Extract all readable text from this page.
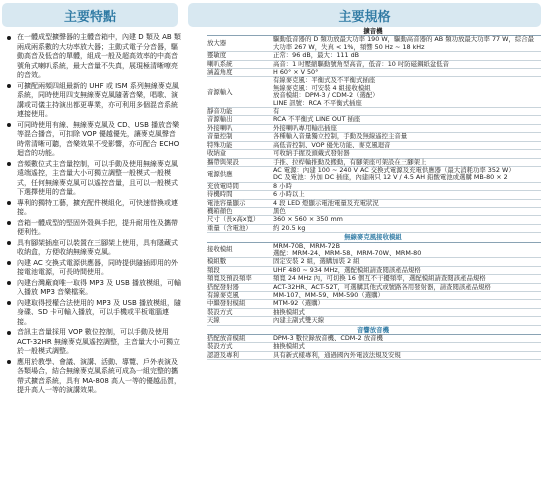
主要特點	主要規格
在一體成型擴聲器的主體音箱中，內建 D 類及 AB 類兩成兩系數的大功率放大器；主動式電子分音器，驅動高音及低音的單體，組成一般及超高效率的中高音號角式喇叭系統，最大音量不失真，展現極清晰嘹亮的音效。
可擴配兩頻四組最新的 UHF 或 ISM 系列無線麥克風系統，同時使用四支無線麥克風隨著音樂，唱歌、演講或司儀主持演出都更專業，亦可利用多個混音系統連接使用。
可同時使用有線、無線麥克風及 CD、USB 播放音樂等混合播音，可扣除 VOP 優越優先，讓麥克風聲音時常清晰可聽，音樂效果不受影響，亦可配合 ECHO 迴音的功能。
音頻數位式主音量控制，可以手動及使用無線麥克風遠端遙控，主音量大小可獨立調整一般模式一般模式，任何無線麥克風可以遙控音量，且可以一般模式下選擇使用的音量。
專利的獨特工藝，擴充配件模組化，可快速替換或連接。
音箱一體成型的堅固外殼與手把，提升耐用性及攜帶便利性。
具有腳架插座可以裝置在三腳架上使用，具有隱藏式收納盒，方便收納無線麥克風。
內建 AC 交換式電源供應器，同時提供隨插即用的外接電池電源，可長時間使用。
內建台灣廠商唯一取得 MP3 及 USB 播放模組，可輸入播放 MP3 音樂檔案。
內建取得授權合法使用的 MP3 及 USB 播放模組，隨身碟、SD 卡可輸入播放，可以手機或平板電腦連接。
音訊主音量採用 VOP 數位控制，可以手動及使用 ACT-32HR 無線麥克風遙控調整，主音量大小可獨立於一般模式調整。
應用於教學、會議、演講、活動、導覽、戶外表演及各類場合，結合無線麥克風系統可成為一組完整的攜帶式擴音系統，具有 MA-808 高人一等的優越品質，提升高人一等的演講效果。
擴音機	
放大器	驅動低音器的 D 類功放最大功率 190 W，驅動高音器的 AB 類功放最大功率 77 W，綜合最大功率 267 W，失真 < 1%，頻響 50 Hz ~ 18 kHz

靈敏度	正常：96 dB，最大：111 dB

喇叭系統	高音：1 吋壓縮驅動號角型高音，低音：10 吋防磁鋼紙盆低音

涵蓋角度	H 60° × V 50°

音源輸入	有線麥克風：平衡式及不平衡式插座
無線麥克風：可安裝 4 組接收模組
放音模組：DPM-3 / CDM-2（選配）
LINE 訊號：RCA 不平衡式插座

靜音功能	有

音源輸出	RCA 不平衡式 LINE OUT 插座

外接喇叭	外接喇叭專用輸出插座

音量控制	各種輸入音量獨立控制，手動及無線遙控主音量

特殊功能	高低音控制、VOP 優先功能、麥克風迴音

收納盒	可收納手握及頭戴式發射器

攜帶與架設	手推、拉桿輪推動及搬動，有腳架座可架設在三腳架上

電源供應	AC 電源：內建 100 ~ 240 V AC 交換式電源及充電供應器（最大消耗功率 352 W）
DC 及電池：外加 DC 插座，內建兩只 12 V / 4.5 AH 鉛酸電池或選購 MB-80 × 2

充放電時間	8 小時

待機時間	6 小時以上

電池容量顯示	4 段 LED 燈顯示電池電量及充電狀況

機箱顏色	黑色

尺寸（長x高x寬）	360 × 560 × 350 mm

重量（含電池）	約 20.5 kg

無線麥克風接收模組	
接收模組	MRM-70B、MRM-72B
選配：MRM-24、MRM-58、MRM-70W、MRM-80

模組數	固定安裝 2 組，選購加裝 2 組

頻段	UHF 480 ~ 934 MHz，選配模組請查閱該產品規格

頻寬及預設頻率	頻寬 24 MHz 內，可切換 16 個互不干擾頻率，選配模組請查閱該產品規格

搭配發射器	ACT-32HR、ACT-52T，可選購其他式或號路各用發射器，請查閱該產品規格

有線麥克風	MM-107、MM-59、MM-590（選購）

中繼發射模組	MTM-92（選購）

裝設方式	抽換模組式

天線	內建主副式雙天線

音響放音機	
搭配放音模組	DPM-3 數位錄放音機、CDM-2 放音機

裝設方式	抽換模組式

認證及專利	具有新式樣專利，通過國內外電波法規及安規
